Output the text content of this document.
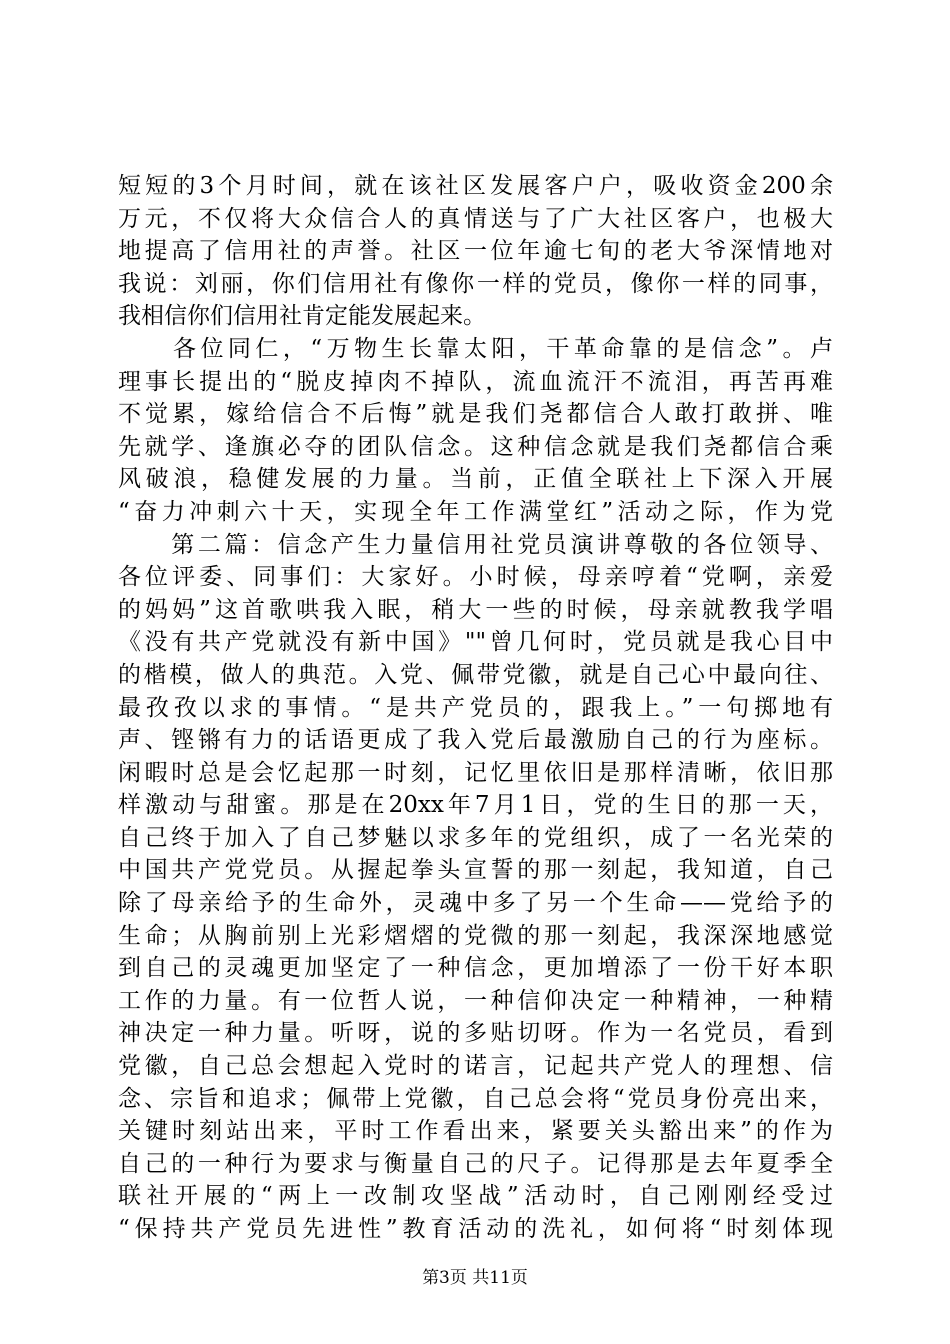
短短的3个月时间，就在该社区发展客户户，吸收资金200余
万元，不仅将大众信合人的真情送与了广大社区客户，也极大
地提高了信用社的声誉。社区一位年逾七旬的老大爷深情地对
我说：刘丽，你们信用社有像你一样的党员，像你一样的同事，
我相信你们信用社肯定能发展起来。
　　各位同仁，“万物生长靠太阳，干革命靠的是信念”。卢
理事长提出的“脱皮掉肉不掉队，流血流汗不流泪，再苦再难
不觉累，嫁给信合不后悔”就是我们尧都信合人敢打敢拼、唯
先就学、逢旗必夺的团队信念。这种信念就是我们尧都信合乘
风破浪，稳健发展的力量。当前，正值全联社上下深入开展
“奋力冲刺六十天，实现全年工作满堂红”活动之际，作为党
　　第二篇：信念产生力量信用社党员演讲尊敬的各位领导、
各位评委、同事们：大家好。小时候，母亲哼着“党啊，亲爱
的妈妈”这首歌哄我入眠，稍大一些的时候，母亲就教我学唱
《没有共产党就没有新中国》""曾几何时，党员就是我心目中
的楷模，做人的典范。入党、佩带党徽，就是自己心中最向往、
最孜孜以求的事情。“是共产党员的，跟我上。”一句掷地有
声、铿锵有力的话语更成了我入党后最激励自己的行为座标。
闲暇时总是会忆起那一时刻，记忆里依旧是那样清晰，依旧那
样激动与甜蜜。那是在20xx年7月1日，党的生日的那一天，
自己终于加入了自己梦魅以求多年的党组织，成了一名光荣的
中国共产党党员。从握起拳头宣誓的那一刻起，我知道，自己
除了母亲给予的生命外，灵魂中多了另一个生命——党给予的
生命；从胸前别上光彩熠熠的党微的那一刻起，我深深地感觉
到自己的灵魂更加坚定了一种信念，更加増添了一份干好本职
工作的力量。有一位哲人说，一种信仰决定一种精神，一种精
神决定一种力量。听呀，说的多贴切呀。作为一名党员，看到
党徽，自己总会想起入党时的诺言，记起共产党人的理想、信
念、宗旨和追求；佩带上党徽，自己总会将“党员身份亮出来，
关键时刻站出来，平时工作看出来，紧要关头豁出来”的作为
自己的一种行为要求与衡量自己的尺子。记得那是去年夏季全
联社开展的“两上一改制攻坚战”活动时，自己刚刚经受过
“保持共产党员先进性”教育活动的洗礼，如何将“时刻体现
第3页 共11页
